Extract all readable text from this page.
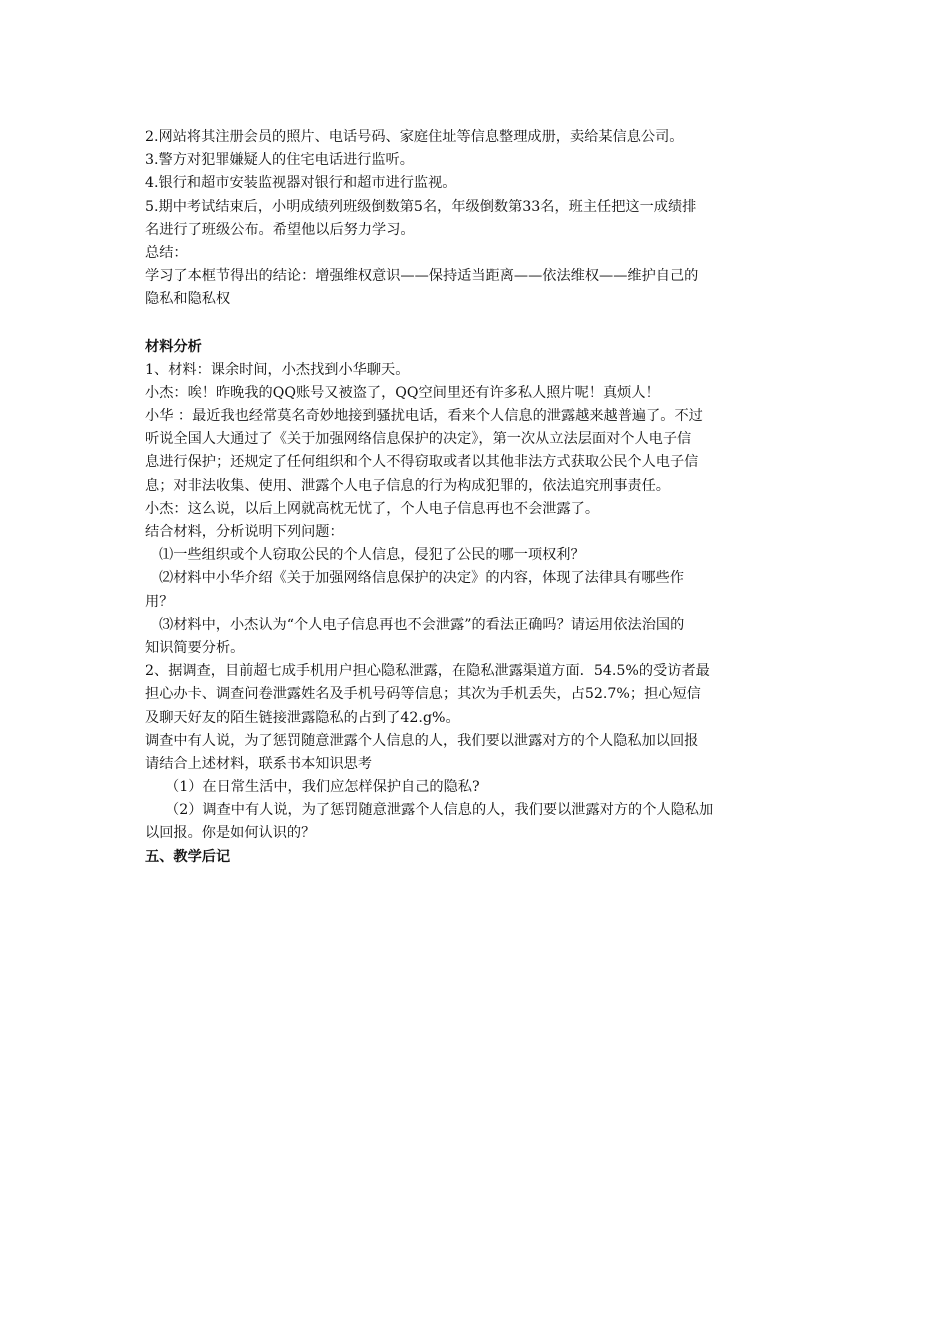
2.网站将其注册会员的照片、电话号码、家庭住址等信息整理成册，卖给某信息公司。

3.警方对犯罪嫌疑人的住宅电话进行监听。

4.银行和超市安装监视器对银行和超市进行监视。

5.期中考试结束后，小明成绩列班级倒数第5名，年级倒数第33名，班主任把这一成绩排

名进行了班级公布。希望他以后努力学习。

总结：

学习了本框节得出的结论：增强维权意识——保持适当距离——依法维权——维护自己的

隐私和隐私权

材料分析

1、材料：课余时间，小杰找到小华聊天。

小杰：唉！昨晚我的QQ账号又被盗了，QQ空间里还有许多私人照片呢！真烦人！

小华 ：最近我也经常莫名奇妙地接到骚扰电话，看来个人信息的泄露越来越普遍了。不过

听说全国人大通过了《关于加强网络信息保护的决定》，第一次从立法层面对个人电子信

息进行保护；还规定了任何组织和个人不得窃取或者以其他非法方式获取公民个人电子信

息；对非法收集、使用、泄露个人电子信息的行为构成犯罪的，依法追究刑事责任。

小杰：这么说，以后上网就高枕无忧了，个人电子信息再也不会泄露了。

结合材料，分析说明下列问题：

⑴一些组织或个人窃取公民的个人信息，侵犯了公民的哪一项权利？

⑵材料中小华介绍《关于加强网络信息保护的决定》的内容，体现了法律具有哪些作

用？

⑶材料中，小杰认为“个人电子信息再也不会泄露”的看法正确吗？请运用依法治国的

知识简要分析。

2、据调查，目前超七成手机用户担心隐私泄露，在隐私泄露渠道方面．54.5%的受访者最

担心办卡、调查问卷泄露姓名及手机号码等信息；其次为手机丢失，占52.7%；担心短信

及聊天好友的陌生链接泄露隐私的占到了42.g%。

调查中有人说，为了惩罚随意泄露个人信息的人，我们要以泄露对方的个人隐私加以回报

请结合上述材料，联系书本知识思考

（1）在日常生活中，我们应怎样保护自己的隐私?

（2）调查中有人说，为了惩罚随意泄露个人信息的人，我们要以泄露对方的个人隐私加

以回报。你是如何认识的？

五、教学后记
